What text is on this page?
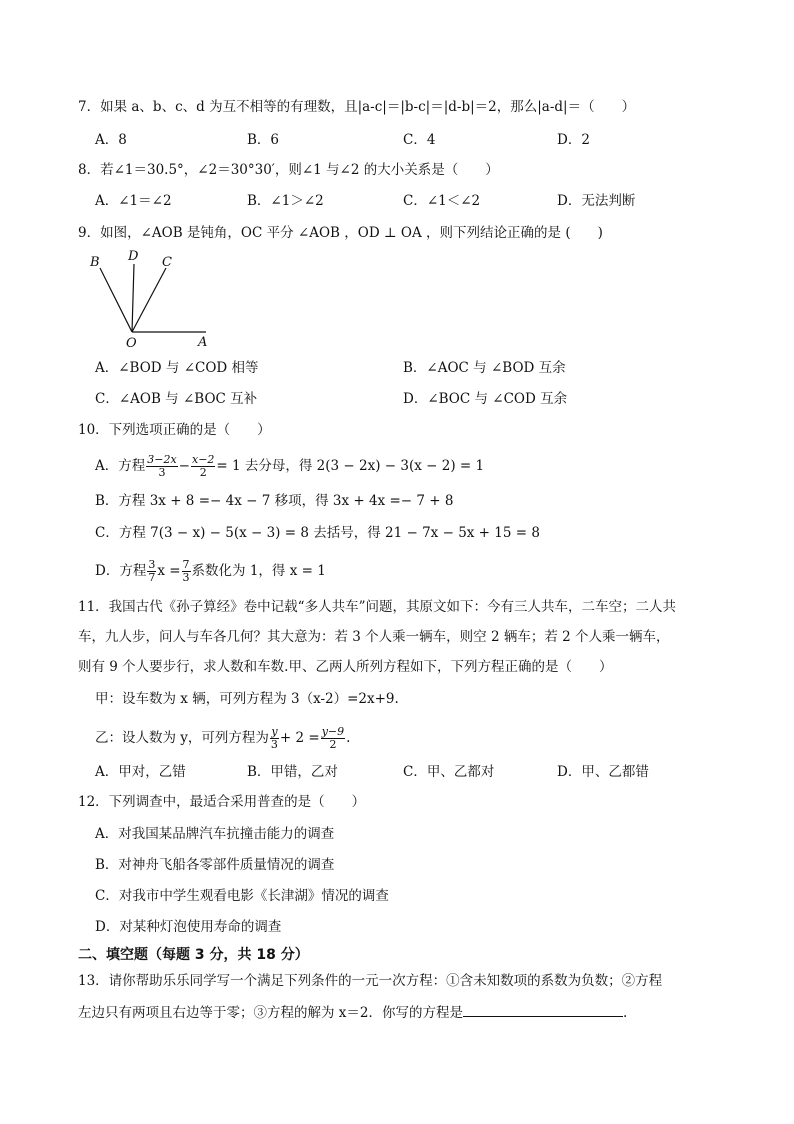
7．如果 a、b、c、d 为互不相等的有理数，且|a-c|＝|b-c|＝|d-b|＝2，那么|a-d|＝（　　）
A．8	B．6	C．4	D．2
8．若∠1＝30.5°，∠2＝30°30′，则∠1 与∠2 的大小关系是（　　）
A．∠1＝∠2	B．∠1＞∠2	C．∠1＜∠2	D．无法判断
9．如图，∠AOB 是钝角，OC 平分 ∠AOB ，OD ⊥ OA ，则下列结论正确的是 (　　)
B D C
O	A
A．∠BOD 与 ∠COD 相等	B．∠AOC 与 ∠BOD 互余
C．∠AOB 与 ∠BOC 互补	D．∠BOC 与 ∠COD 互余
10．下列选项正确的是（　　）
A．方程 $\frac{3-2x}{3} - \frac{x-2}{2} = 1$ 去分母，得 2(3 − 2x) − 3(x − 2) = 1
B．方程 3x + 8 =− 4x − 7 移项，得 3x + 4x =− 7 + 8
C．方程 7(3 − x) − 5(x − 3) = 8 去括号，得 21 − 7x − 5x + 15 = 8
D．方程 $\frac{3}{7}$ $x = \frac{7}{3}$ 系数化为 1，得 x = 1
11．我国古代《孙子算经》卷中记载“多人共车”问题，其原文如下：今有三人共车，二车空；二人共
车，九人步，问人与车各几何？其大意为：若 3 个人乘一辆车，则空 2 辆车；若 2 个人乘一辆车，
则有 9 个人要步行，求人数和车数.甲、乙两人所列方程如下，下列方程正确的是（　　）
甲：设车数为 x 辆，可列方程为 3（x-2）=2x+9.
乙：设人数为 y，可列方程为 $\frac{y}{3} + 2 = \frac{y-9}{2}$ .
A．甲对，乙错	B．甲错，乙对	C．甲、乙都对	D．甲、乙都错
12．下列调查中，最适合采用普查的是（　　）
A．对我国某品牌汽车抗撞击能力的调查
B．对神舟飞船各零部件质量情况的调查
C．对我市中学生观看电影《长津湖》情况的调查
D．对某种灯泡使用寿命的调查
二、填空题（每题 3 分，共 18 分）
13．请你帮助乐乐同学写一个满足下列条件的一元一次方程：①含未知数项的系数为负数；②方程
左边只有两项且右边等于零；③方程的解为 x＝2．你写的方程是	.
